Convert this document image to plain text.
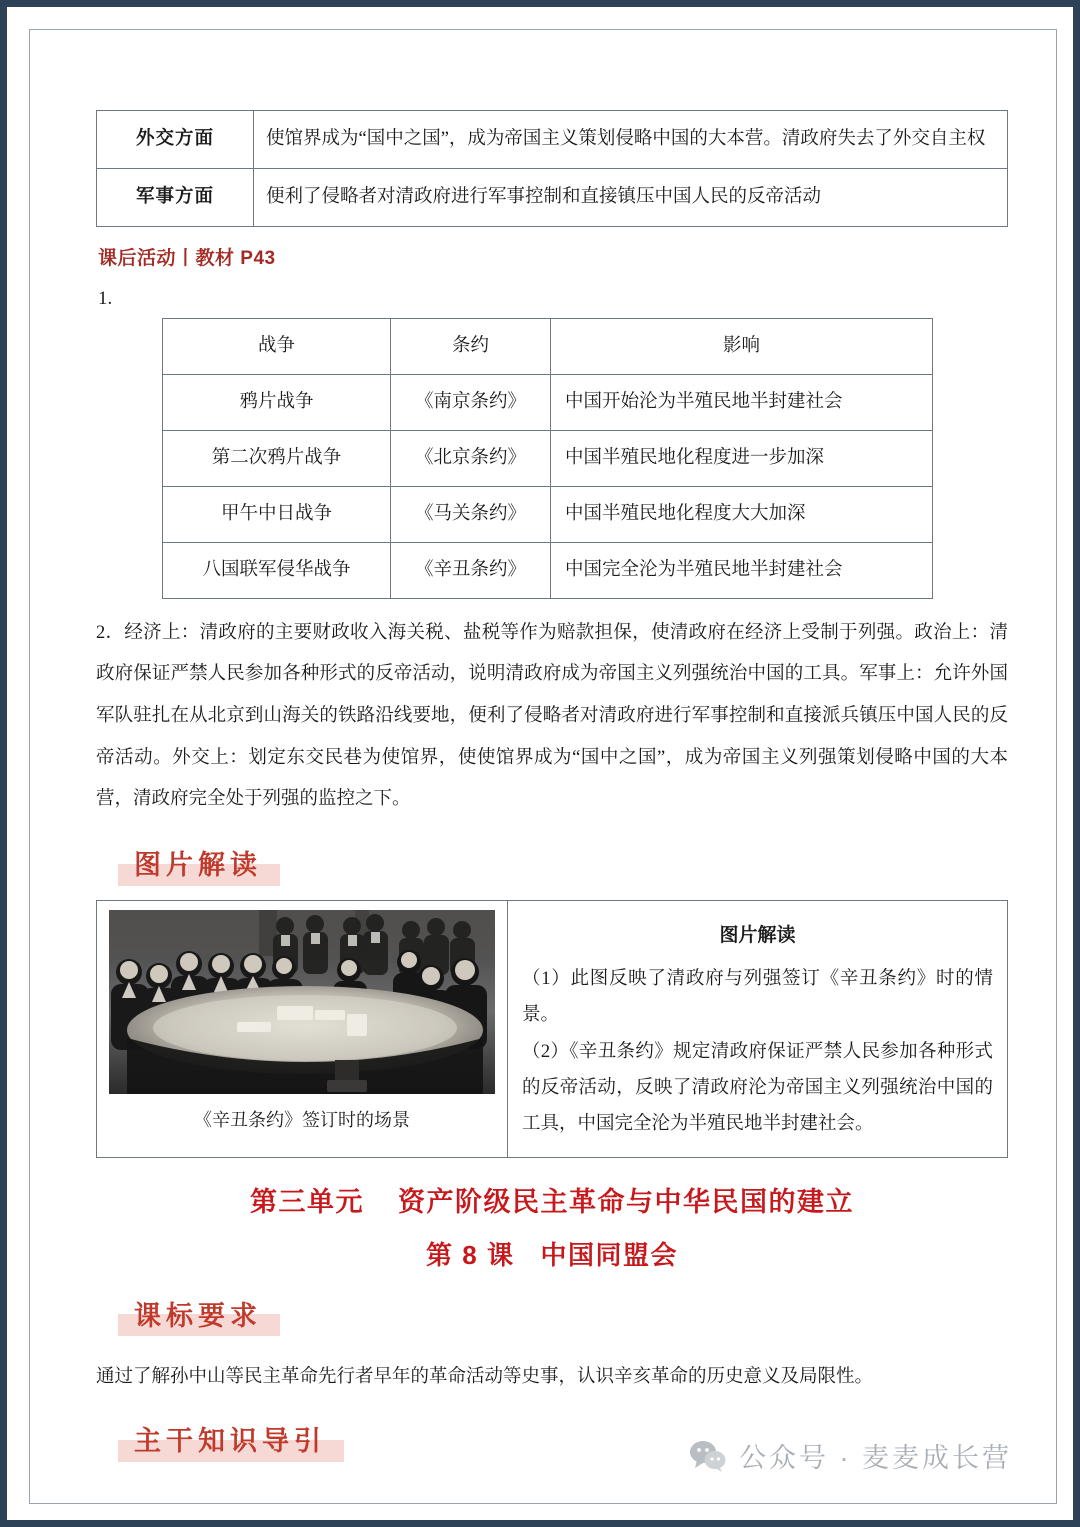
外交方面	使馆界成为“国中之国”，成为帝国主义策划侵略中国的大本营。清政府失去了外交自主权
军事方面	便利了侵略者对清政府进行军事控制和直接镇压中国人民的反帝活动
课后活动丨教材 P43
1.
战争	条约	影响
鸦片战争	《南京条约》	中国开始沦为半殖民地半封建社会
第二次鸦片战争	《北京条约》	中国半殖民地化程度进一步加深
甲午中日战争	《马关条约》	中国半殖民地化程度大大加深
八国联军侵华战争	《辛丑条约》	中国完全沦为半殖民地半封建社会
2．经济上：清政府的主要财政收入海关税、盐税等作为赔款担保，使清政府在经济上受制于列强。政治上：清政府保证严禁人民参加各种形式的反帝活动，说明清政府成为帝国主义列强统治中国的工具。军事上：允许外国军队驻扎在从北京到山海关的铁路沿线要地，便利了侵略者对清政府进行军事控制和直接派兵镇压中国人民的反帝活动。外交上：划定东交民巷为使馆界，使使馆界成为“国中之国”，成为帝国主义列强策划侵略中国的大本营，清政府完全处于列强的监控之下。
图片解读
《辛丑条约》签订时的场景

图片解读
（1）此图反映了清政府与列强签订《辛丑条约》时的情景。
（2）《辛丑条约》规定清政府保证严禁人民参加各种形式的反帝活动，反映了清政府沦为帝国主义列强统治中国的工具，中国完全沦为半殖民地半封建社会。
第三单元 资产阶级民主革命与中华民国的建立
第 8 课 中国同盟会
课标要求
通过了解孙中山等民主革命先行者早年的革命活动等史事，认识辛亥革命的历史意义及局限性。
主干知识导引
公众号 · 麦麦成长营
